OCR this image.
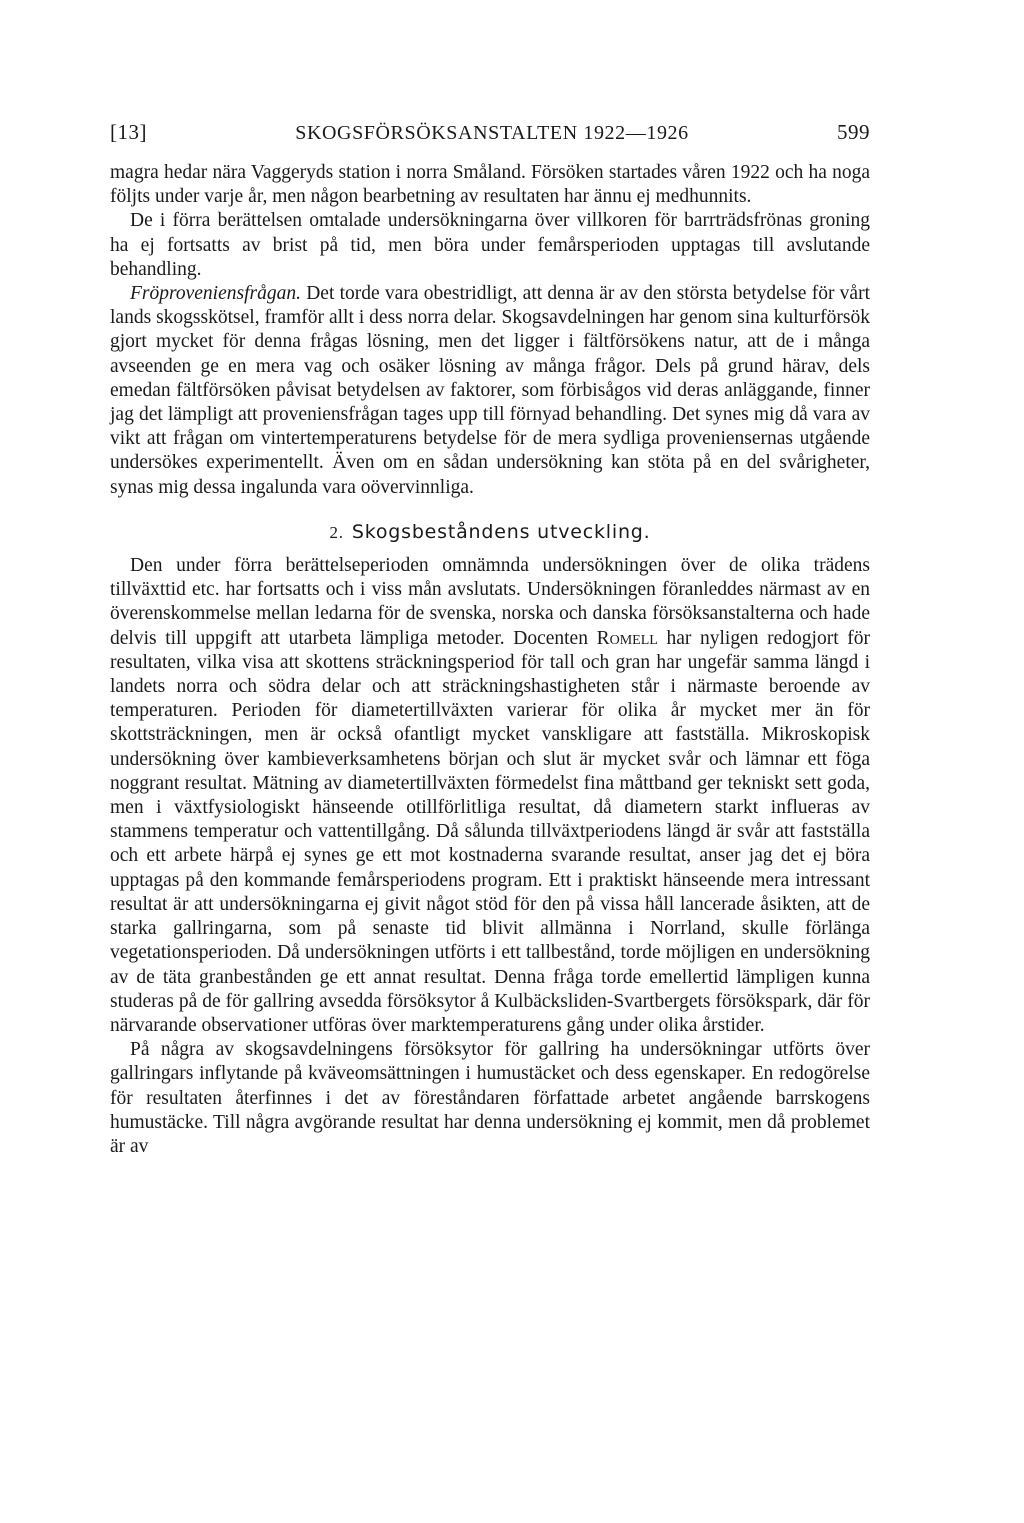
[13]	SKOGSFÖRSÖKSANSTALTEN 1922—1926	599

magra hedar nära Vaggeryds station i norra Småland. Försöken startades våren 1922 och ha noga följts under varje år, men någon bearbetning av resultaten har ännu ej medhunnits.

De i förra berättelsen omtalade undersökningarna över villkoren för barrträdsfrönas groning ha ej fortsatts av brist på tid, men böra under femårsperioden upptagas till avslutande behandling.

Fröproveniensfrågan. Det torde vara obestridligt, att denna är av den största betydelse för vårt lands skogsskötsel, framför allt i dess norra delar. Skogsavdelningen har genom sina kulturförsök gjort mycket för denna frågas lösning, men det ligger i fältförsökens natur, att de i många avseenden ge en mera vag och osäker lösning av många frågor. Dels på grund härav, dels emedan fältförsöken påvisat betydelsen av faktorer, som förbisågos vid deras anläggande, finner jag det lämpligt att proveniensfrågan tages upp till förnyad behandling. Det synes mig då vara av vikt att frågan om vintertemperaturens betydelse för de mera sydliga proveniensernas utgående undersökes experimentellt. Även om en sådan undersökning kan stöta på en del svårigheter, synas mig dessa ingalunda vara oövervinnliga.

2. Skogsbeståndens utveckling.

Den under förra berättelseperioden omnämnda undersökningen över de olika trädens tillväxttid etc. har fortsatts och i viss mån avslutats. Undersökningen föranleddes närmast av en överenskommelse mellan ledarna för de svenska, norska och danska försöksanstalterna och hade delvis till uppgift att utarbeta lämpliga metoder. Docenten Romell har nyligen redogjort för resultaten, vilka visa att skottens sträckningsperiod för tall och gran har ungefär samma längd i landets norra och södra delar och att sträckningshastigheten står i närmaste beroende av temperaturen. Perioden för diametertillväxten varierar för olika år mycket mer än för skottsträckningen, men är också ofantligt mycket vanskligare att fastställa. Mikroskopisk undersökning över kambieverksamhetens början och slut är mycket svår och lämnar ett föga noggrant resultat. Mätning av diametertillväxten förmedelst fina måttband ger tekniskt sett goda, men i växtfysiologiskt hänseende otillförlitliga resultat, då diametern starkt influeras av stammens temperatur och vattentillgång. Då sålunda tillväxtperiodens längd är svår att fastställa och ett arbete härpå ej synes ge ett mot kostnaderna svarande resultat, anser jag det ej böra upptagas på den kommande femårsperiodens program. Ett i praktiskt hänseende mera intressant resultat är att undersökningarna ej givit något stöd för den på vissa håll lancerade åsikten, att de starka gallringarna, som på senaste tid blivit allmänna i Norrland, skulle förlänga vegetationsperioden. Då undersökningen utförts i ett tallbestånd, torde möjligen en undersökning av de täta granbestånden ge ett annat resultat. Denna fråga torde emellertid lämpligen kunna studeras på de för gallring avsedda försöksytor å Kulbäcksliden-Svartbergets försökspark, där för närvarande observationer utföras över marktemperaturens gång under olika årstider.

På några av skogsavdelningens försöksytor för gallring ha undersökningar utförts över gallringars inflytande på kväveomsättningen i humustäcket och dess egenskaper. En redogörelse för resultaten återfinnes i det av föreståndaren författade arbetet angående barrskogens humustäcke. Till några avgörande resultat har denna undersökning ej kommit, men då problemet är av
